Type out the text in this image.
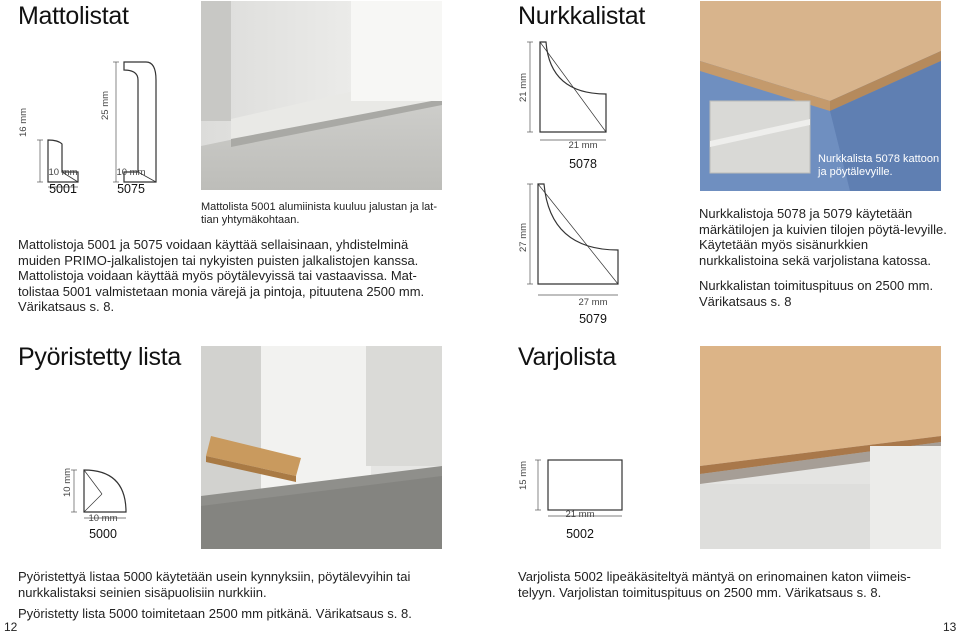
Mattolistat
16 mm
10 mm
5001
25 mm
10 mm
5075
Mattolista 5001 alumiinista kuuluu jalustan ja lat-tian yhtymäkohtaan.
Mattolistoja 5001 ja 5075 voidaan käyttää sellaisinaan, yhdistelminä muiden PRIMO-jalkalistojen tai nykyisten puisten jalkalistojen kanssa. Mattolistoja voidaan käyttää myös pöytälevyissä tai vastaavissa. Mat-tolistaa 5001 valmistetaan monia värejä ja pintoja, pituutena 2500 mm. Värikatsaus s. 8.
Pyöristetty lista
10 mm
10 mm
5000
Pyöristettyä listaa 5000 käytetään usein kynnyksiin, pöytälevyihin tai nurkkalistaksi seinien sisäpuolisiin nurkkiin.
Pyöristetty lista 5000 toimitetaan 2500 mm pitkänä. Värikatsaus s. 8.
12
Nurkkalistat
21 mm
21 mm
5078
27 mm
27 mm
5079
Nurkkalista 5078 kattoon ja pöytälevyille.
Nurkkalistoja 5078 ja 5079 käytetään märkätilojen ja kuivien tilojen pöytä-levyille. Käytetään myös sisänurkkien nurkkalistoina sekä varjolistana katossa.
Nurkkalistan toimituspituus on 2500 mm. Värikatsaus s. 8
Varjolista
15 mm
21 mm
5002
Varjolista 5002 lipeäkäsiteltyä mäntyä on erinomainen katon viimeis-telyyn. Varjolistan toimituspituus on 2500 mm. Värikatsaus s. 8.
13
